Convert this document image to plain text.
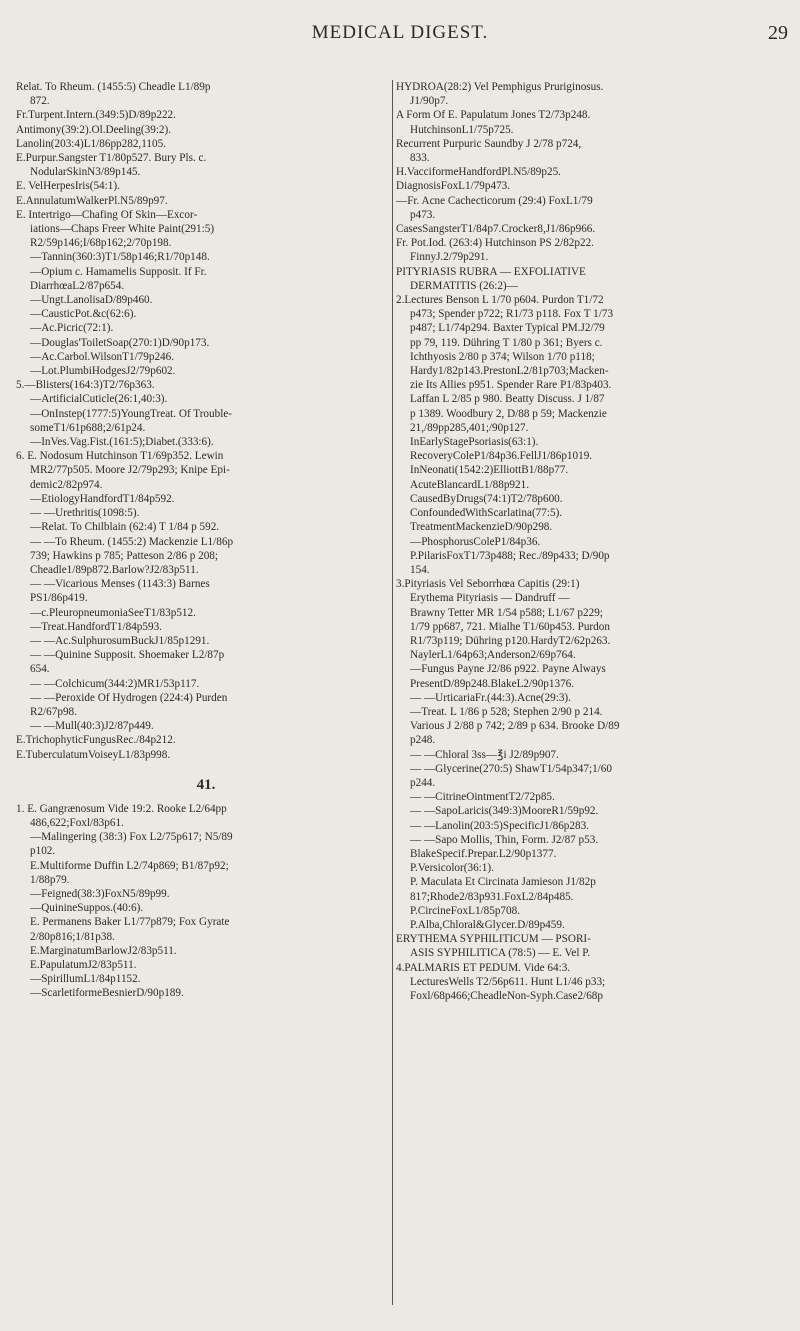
MEDICAL DIGEST.	29
Relat. To Rheum. (1455:5) Cheadle L1/89p
872.
Fr.Turpent.Intern.(349:5)D/89p222.
Antimony(39:2).Ol.Deeling(39:2).
Lanolin(203:4)L1/86pp282,1105.
E.Purpur.Sangster T1/80p527. Bury Pls. c.
NodularSkinN3/89p145.
E. VelHerpesIris(54:1).
E.AnnulatumWalkerPl.N5/89p97.
E. Intertrigo—Chafing Of Skin—Excor-
iations—Chaps Freer White Paint(291:5)
R2/59p146;I/68p162;2/70p198.
—Tannin(360:3)T1/58p146;R1/70p148.
—Opium c. Hamamelis Supposit. If Fr.
DiarrhœaL2/87p654.
—Ungt.LanolisaD/89p460.
—CausticPot.&c(62:6).
—Ac.Picric(72:1).
—Douglas'ToiletSoap(270:1)D/90p173.
—Ac.Carbol.WilsonT1/79p246.
—Lot.PlumbiHodgesJ2/79p602.
5.—Blisters(164:3)T2/76p363.
—ArtificialCuticle(26:1,40:3).
—OnInstep(1777:5)YoungTreat. Of Trouble-
someT1/61p688;2/61p24.
—InVes.Vag.Fist.(161:5);Diabet.(333:6).
6. E. Nodosum Hutchinson T1/69p352. Lewin
MR2/77p505. Moore J2/79p293; Knipe Epi-
demic2/82p974.
—EtiologyHandfordT1/84p592.
— —Urethritis(1098:5).
—Relat. To Chilblain (62:4) T 1/84 p 592.
— —To Rheum. (1455:2) Mackenzie L1/86p
739; Hawkins p 785; Patteson 2/86 p 208;
Cheadle1/89p872.Barlow?J2/83p511.
— —Vicarious Menses (1143:3) Barnes
PS1/86p419.
—c.PleuropneumoniaSeeT1/83p512.
—Treat.HandfordT1/84p593.
— —Ac.SulphurosumBuckJ1/85p1291.
— —Quinine Supposit. Shoemaker L2/87p
654.
— —Colchicum(344:2)MR1/53p117.
— —Peroxide Of Hydrogen (224:4) Purden
R2/67p98.
— —Mull(40:3)J2/87p449.
E.TrichophyticFungusRec./84p212.
E.TuberculatumVoiseyL1/83p998.
41.
1. E. Gangrænosum Vide 19:2. Rooke L2/64pp
486,622;Foxl/83p61.
—Malingering (38:3) Fox L2/75p617; N5/89
p102.
E.Multiforme Duffin L2/74p869; B1/87p92;
1/88p79.
—Feigned(38:3)FoxN5/89p99.
—QuinineSuppos.(40:6).
E. Permanens Baker L1/77p879; Fox Gyrate
2/80p816;1/81p38.
E.MarginatumBarlowJ2/83p511.
E.PapulatumJ2/83p511.
—SpirillumL1/84p1152.
—ScarletiformeBesnierD/90p189.
HYDROA(28:2) Vel Pemphigus Pruriginosus.
J1/90p7.
A Form Of E. Papulatum Jones T2/73p248.
HutchinsonL1/75p725.
Recurrent Purpuric Saundby J 2/78 p724,
833.
H.VacciformeHandfordPl.N5/89p25.
DiagnosisFoxL1/79p473.
—Fr. Acne Cachecticorum (29:4) FoxL1/79
p473.
CasesSangsterT1/84p7.Crocker8,J1/86p966.
Fr. Pot.Iod. (263:4) Hutchinson PS 2/82p22.
FinnyJ.2/79p291.
PITYRIASIS RUBRA — EXFOLIATIVE
DERMATITIS (26:2)—
2.Lectures Benson L 1/70 p604. Purdon T1/72
p473; Spender p722; R1/73 p118. Fox T 1/73
p487; L1/74p294. Baxter Typical PM.J2/79
pp 79, 119. Dühring T 1/80 p 361; Byers c.
Ichthyosis 2/80 p 374; Wilson 1/70 p118;
Hardy1/82p143.PrestonL2/81p703;Macken-
zie Its Allies p951. Spender Rare P1/83p403.
Laffan L 2/85 p 980. Beatty Discuss. J 1/87
p 1389. Woodbury 2, D/88 p 59; Mackenzie
21,/89pp285,401;/90p127.
InEarlyStagePsoriasis(63:1).
RecoveryColeP1/84p36.FellJ1/86p1019.
InNeonati(1542:2)ElliottB1/88p77.
AcuteBlancardL1/88p921.
CausedByDrugs(74:1)T2/78p600.
ConfoundedWithScarlatina(77:5).
TreatmentMackenzieD/90p298.
—PhosphorusColeP1/84p36.
P.PilarisFoxT1/73p488; Rec./89p433; D/90p
154.
3.Pityriasis Vel Seborrhœa Capitis (29:1)
Erythema Pityriasis — Dandruff —
Brawny Tetter MR 1/54 p588; L1/67 p229;
1/79 pp687, 721. Mialhe T1/60p453. Purdon
R1/73p119; Dühring p120.HardyT2/62p263.
NaylerL1/64p63;Anderson2/69p764.
—Fungus Payne J2/86 p922. Payne Always
PresentD/89p248.BlakeL2/90p1376.
— —UrticariaFr.(44:3).Acne(29:3).
—Treat. L 1/86 p 528; Stephen 2/90 p 214.
Various J 2/88 p 742; 2/89 p 634. Brooke D/89
p248.
— —Chloral 3ss—℥i J2/89p907.
— —Glycerine(270:5) ShawT1/54p347;1/60
p244.
— —CitrineOintmentT2/72p85.
— —SapoLaricis(349:3)MooreR1/59p92.
— —Lanolin(203:5)SpecificJ1/86p283.
— —Sapo Mollis, Thin, Form. J2/87 p53.
BlakeSpecif.Prepar.L2/90p1377.
P.Versicolor(36:1).
P. Maculata Et Circinata Jamieson J1/82p
817;Rhode2/83p931.FoxL2/84p485.
P.CircineFoxL1/85p708.
P.Alba,Chloral&Glycer.D/89p459.
ERYTHEMA SYPHILITICUM — PSORI-
ASIS SYPHILITICA (78:5) — E. Vel P.
4.PALMARIS ET PEDUM. Vide 64:3.
LecturesWells T2/56p611. Hunt L1/46 p33;
Foxl/68p466;CheadleNon-Syph.Case2/68p
